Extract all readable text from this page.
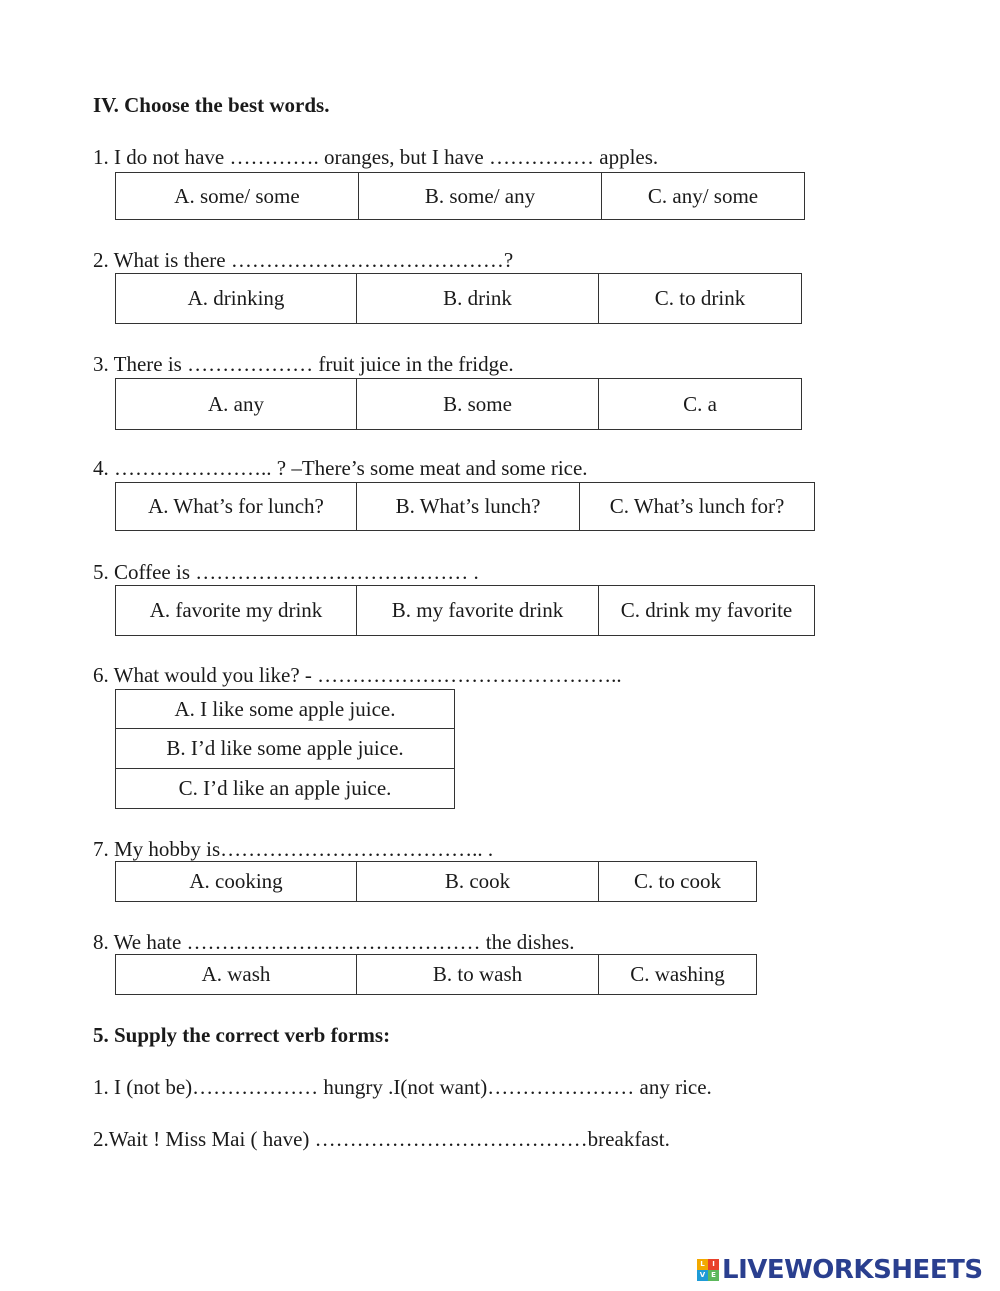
IV. Choose the best words.

1. I do not have …………. oranges, but I have …………… apples.

A. some/ some	B. some/ any	C. any/ some

2. What is there …………………………………?

A. drinking	B. drink	C. to drink

3. There is ……………… fruit juice in the fridge.

A. any	B. some	C. a

4. ………………….. ? –There’s some meat and some rice.

A. What’s for lunch?	B. What’s lunch?	C. What’s lunch for?

5. Coffee is ………………………………… .

A. favorite my drink	B. my favorite drink	C. drink my favorite

6. What would you like? - ……………………………………..

A. I like some apple juice.
B. I’d like some apple juice.
C. I’d like an apple juice.

7. My hobby is……………………………….. .

A. cooking	B. cook	C. to cook

8. We hate …………………………………… the dishes.

A. wash	B. to wash	C. washing
5. Supply the correct verb forms:

1. I (not be)……………… hungry .I(not want)………………… any rice.

2.Wait ! Miss Mai ( have) …………………………………breakfast.

L	I
V E LIVEWORKSHEETS
